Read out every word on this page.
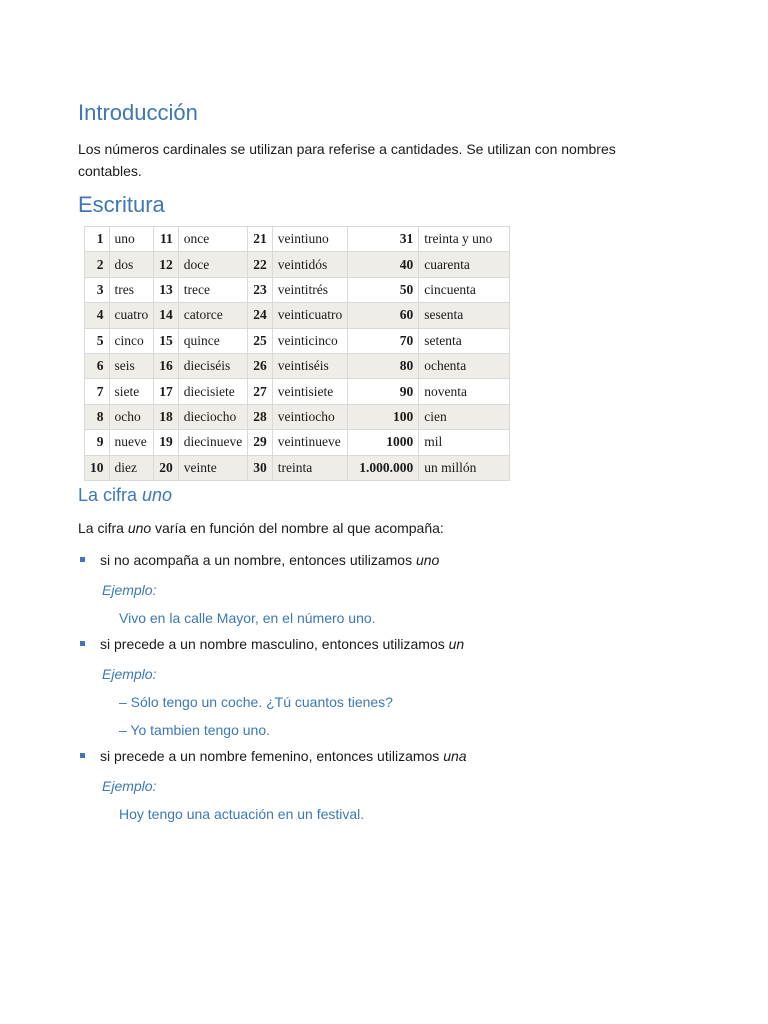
Introducción

Los números cardinales se utilizan para referise a cantidades. Se utilizan con nombres contables.

Escritura
1	uno	11	once	21	veintiuno	31	treinta y uno
2	dos	12	doce	22	veintidós	40	cuarenta
3	tres	13	trece	23	veintitrés	50	cincuenta
4	cuatro	14	catorce	24	veinticuatro	60	sesenta
5	cinco	15	quince	25	veinticinco	70	setenta
6	seis	16	dieciséis	26	veintiséis	80	ochenta
7	siete	17	diecisiete	27	veintisiete	90	noventa
8	ocho	18	dieciocho	28	veintiocho	100	cien
9	nueve	19	diecinueve	29	veintinueve	1000	mil
10	diez	20	veinte	30	treinta	1.000.000	un millón
La cifra uno

La cifra uno varía en función del nombre al que acompaña:

si no acompaña a un nombre, entonces utilizamos uno
Ejemplo:
Vivo en la calle Mayor, en el número uno.
si precede a un nombre masculino, entonces utilizamos un
Ejemplo:
– Sólo tengo un coche. ¿Tú cuantos tienes?
– Yo tambien tengo uno.
si precede a un nombre femenino, entonces utilizamos una
Ejemplo:
Hoy tengo una actuación en un festival.
